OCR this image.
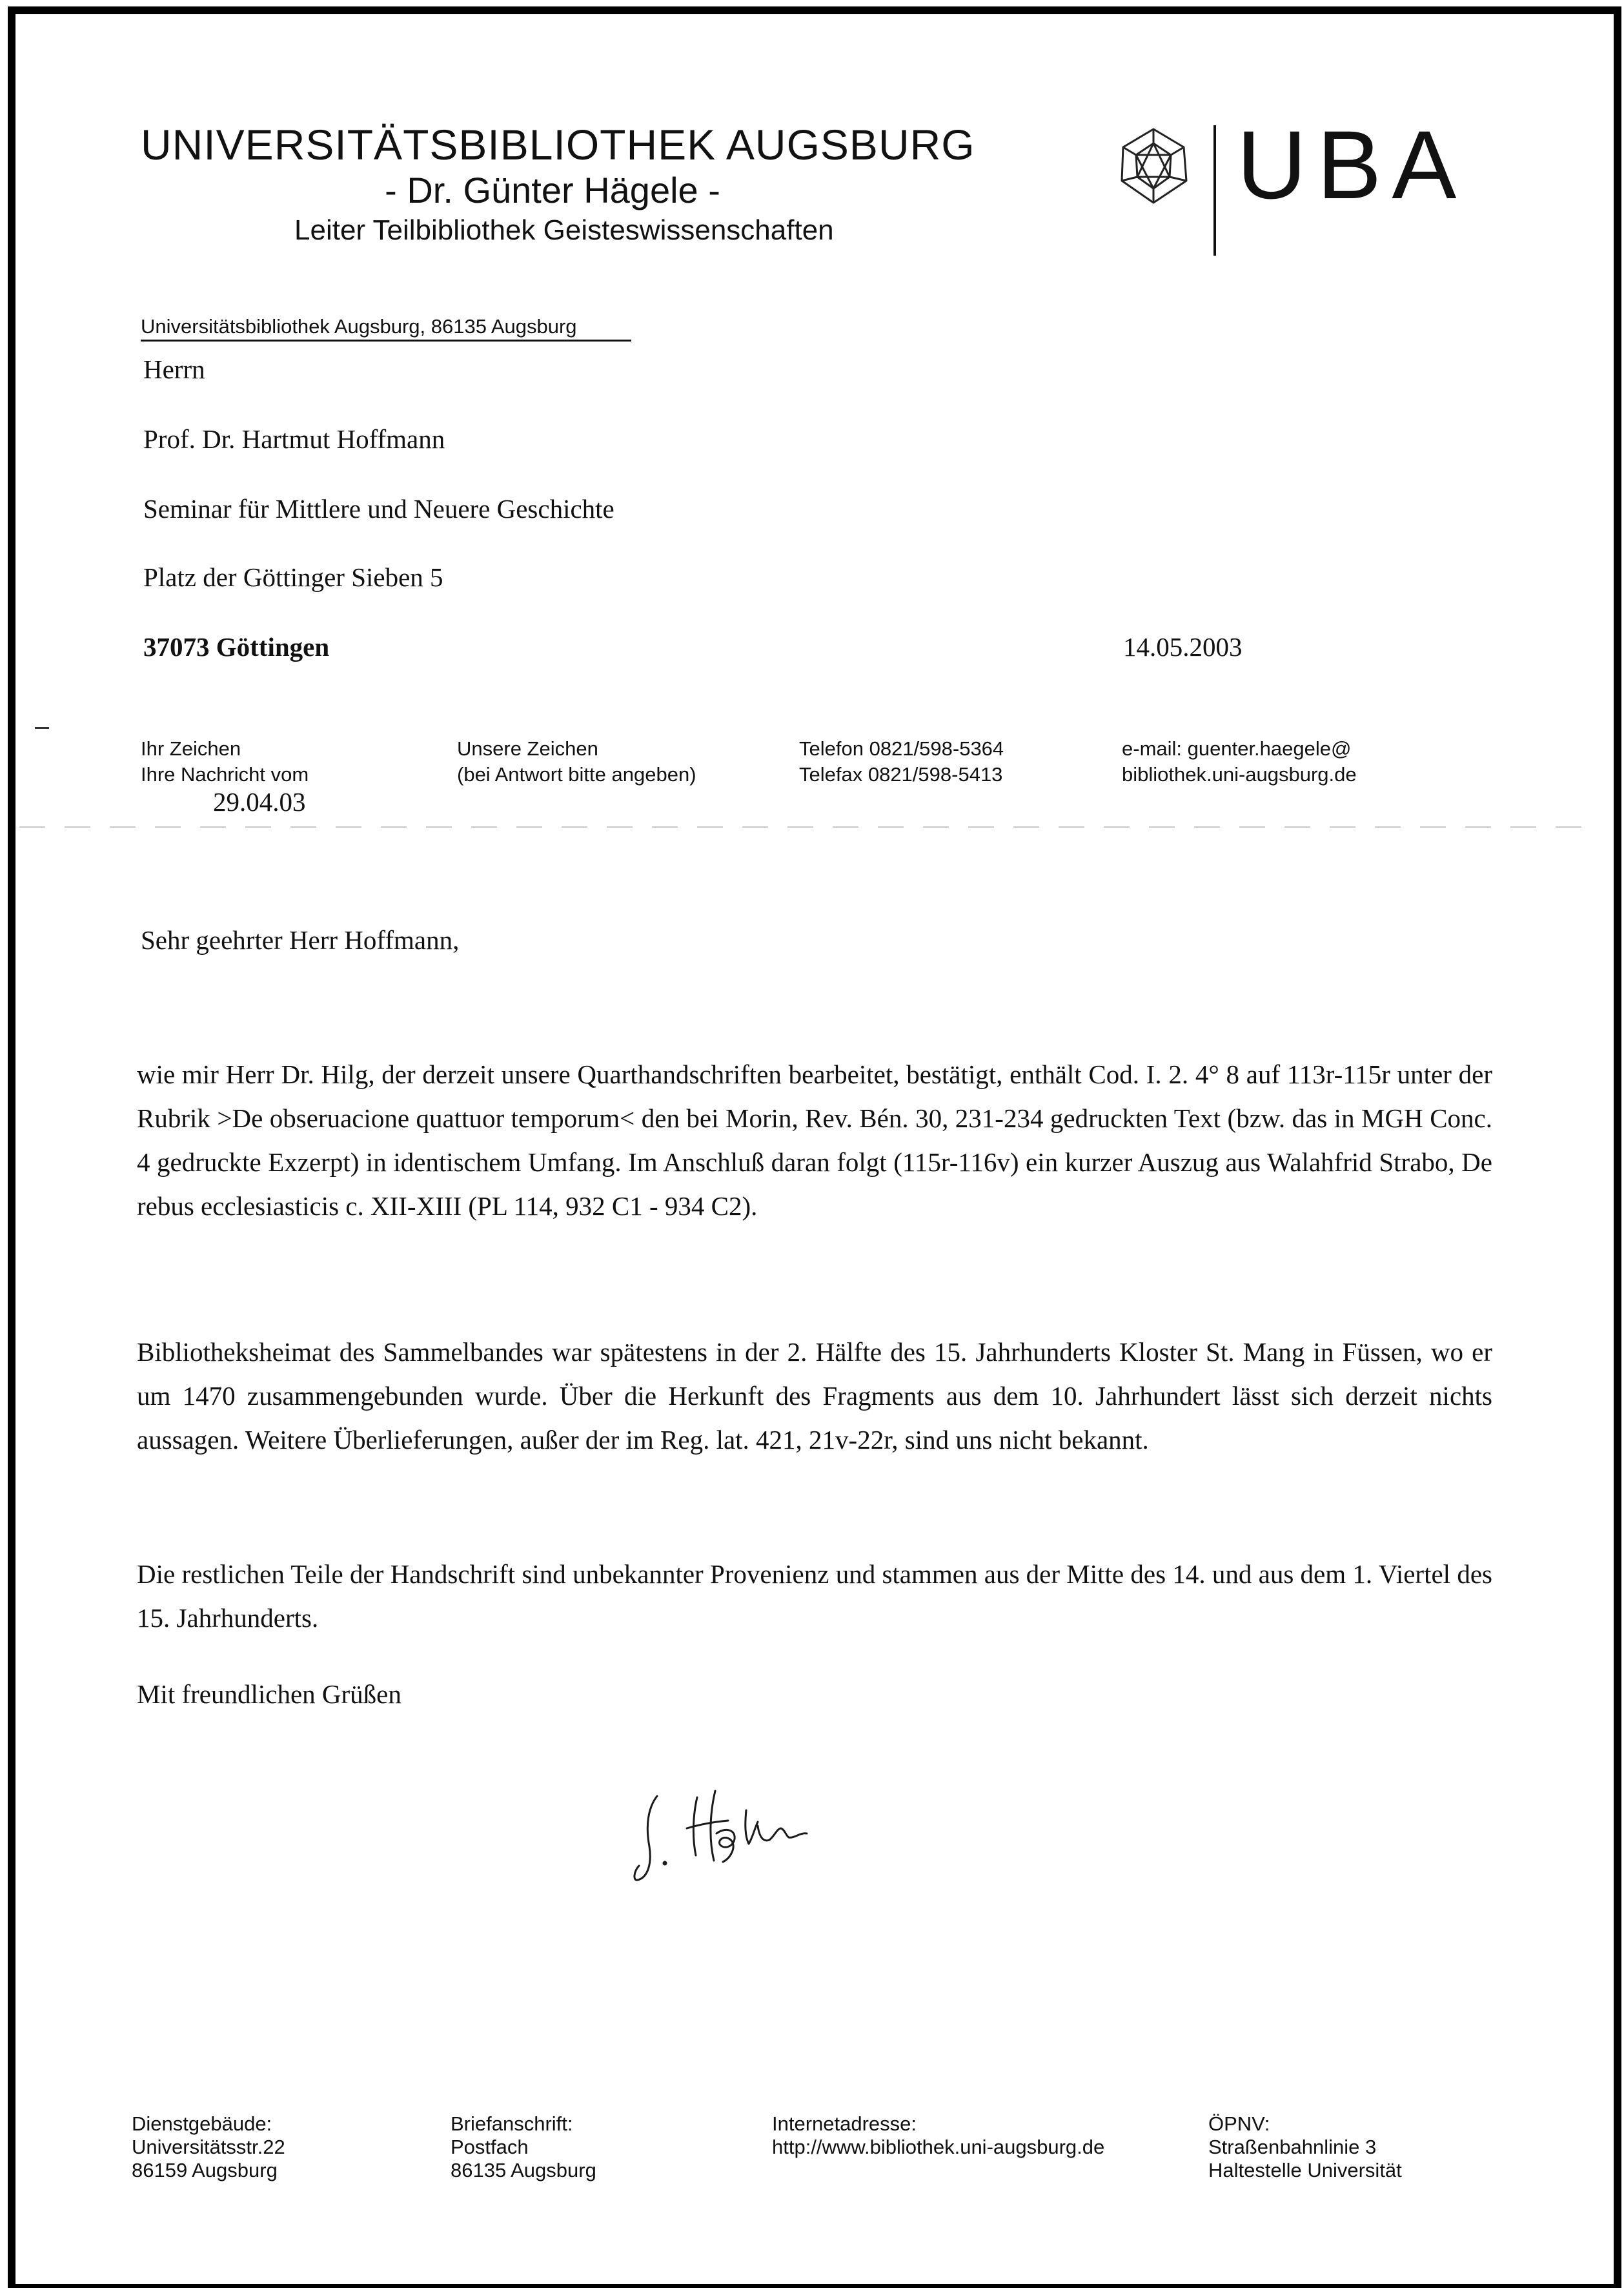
UNIVERSITÄTSBIBLIOTHEK AUGSBURG
- Dr. Günter Hägele -
Leiter Teilbibliothek Geisteswissenschaften
UBA
Universitätsbibliothek Augsburg, 86135 Augsburg
Herrn
Prof. Dr. Hartmut Hoffmann
Seminar für Mittlere und Neuere Geschichte
Platz der Göttinger Sieben 5
37073 Göttingen	14.05.2003
Ihr Zeichen
Ihre Nachricht vom
29.04.03
Unsere Zeichen
(bei Antwort bitte angeben)
Telefon 0821/598-5364
Telefax 0821/598-5413
e-mail: guenter.haegele@
bibliothek.uni-augsburg.de
Sehr geehrter Herr Hoffmann,

wie mir Herr Dr. Hilg, der derzeit unsere Quarthandschriften bearbeitet, bestätigt, enthält Cod. I. 2. 4° 8 auf 113r-115r unter der Rubrik >De obseruacione quattuor temporum< den bei Morin, Rev. Bén. 30, 231-234 gedruckten Text (bzw. das in MGH Conc. 4 gedruckte Exzerpt) in identischem Umfang. Im Anschluß daran folgt (115r-116v) ein kurzer Auszug aus Walahfrid Strabo, De rebus ecclesiasticis c. XII-XIII (PL 114, 932 C1 - 934 C2).

Bibliotheksheimat des Sammelbandes war spätestens in der 2. Hälfte des 15. Jahrhunderts Kloster St. Mang in Füssen, wo er um 1470 zusammengebunden wurde. Über die Herkunft des Fragments aus dem 10. Jahrhundert lässt sich derzeit nichts aussagen. Weitere Überlieferungen, außer der im Reg. lat. 421, 21v-22r, sind uns nicht bekannt.

Die restlichen Teile der Handschrift sind unbekannter Provenienz und stammen aus der Mitte des 14. und aus dem 1. Viertel des 15. Jahrhunderts.

Mit freundlichen Grüßen
Dienstgebäude:
Universitätsstr.22
86159 Augsburg
Briefanschrift:
Postfach
86135 Augsburg
Internetadresse:
http://www.bibliothek.uni-augsburg.de
ÖPNV:
Straßenbahnlinie 3
Haltestelle Universität
